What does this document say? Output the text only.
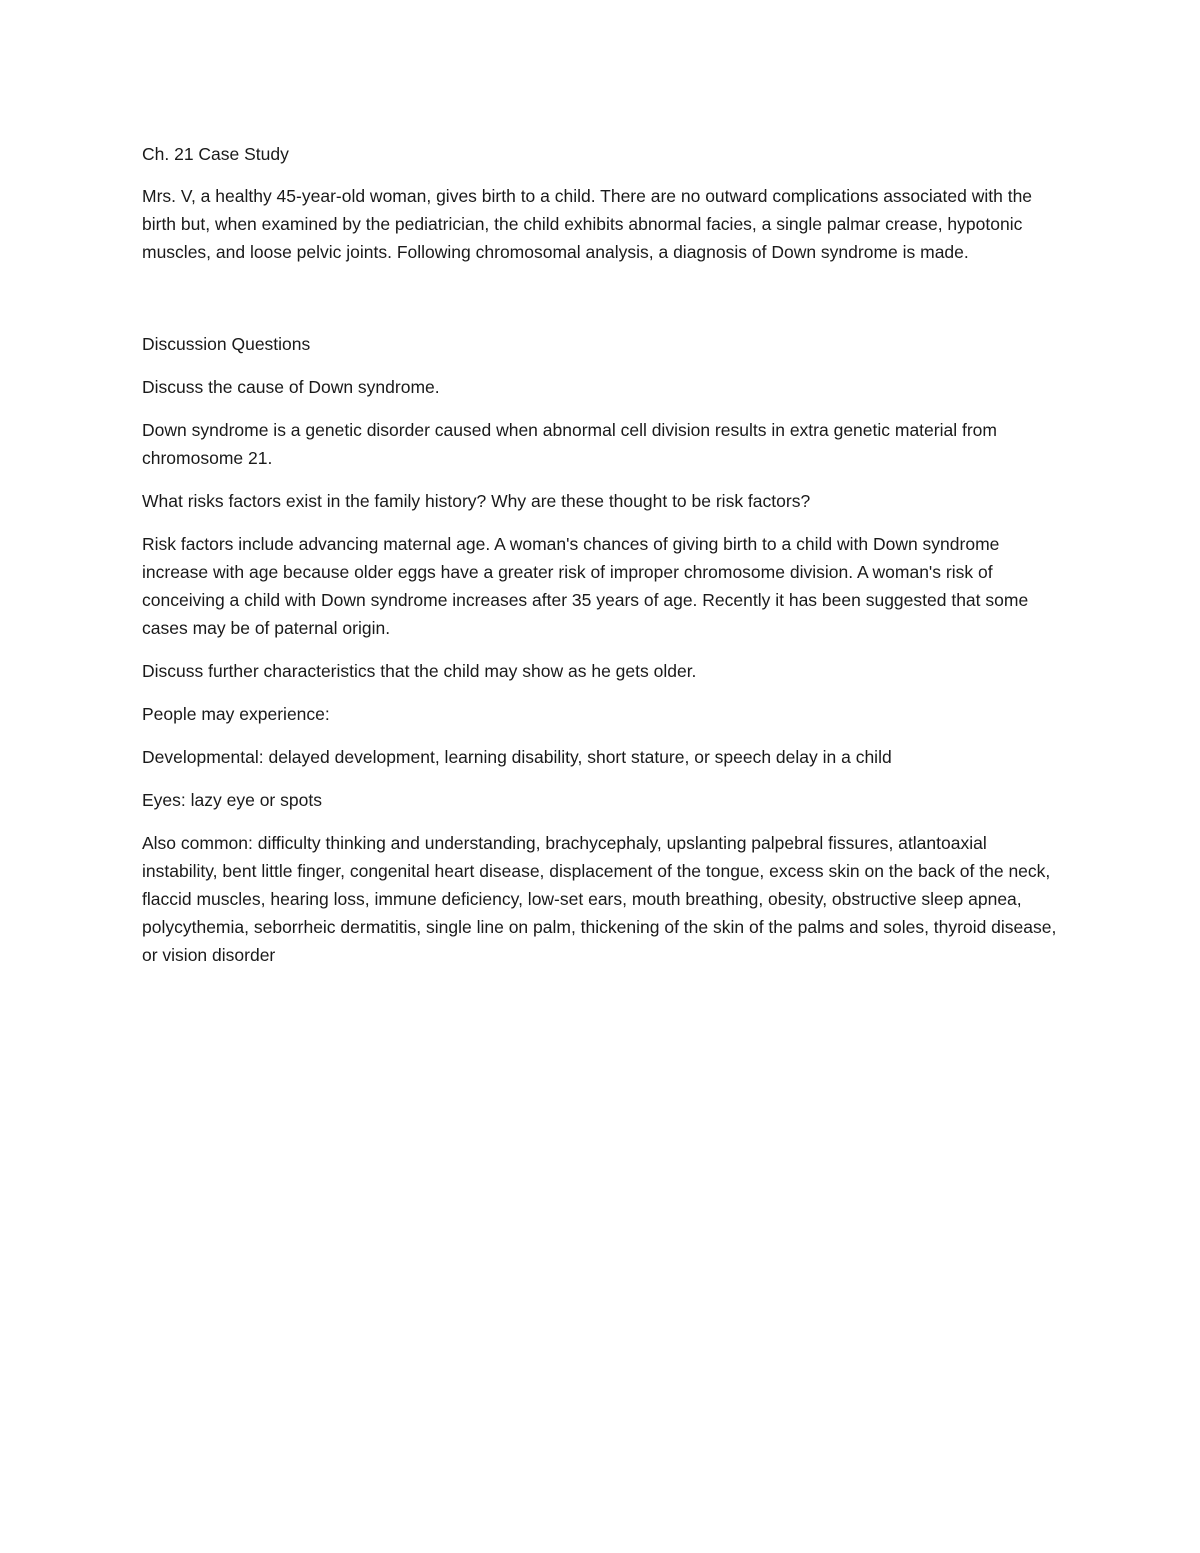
Ch. 21 Case Study

Mrs. V, a healthy 45-year-old woman, gives birth to a child. There are no outward complications associated with the birth but, when examined by the pediatrician, the child exhibits abnormal facies, a single palmar crease, hypotonic muscles, and loose pelvic joints. Following chromosomal analysis, a diagnosis of Down syndrome is made.

Discussion Questions

Discuss the cause of Down syndrome.

Down syndrome is a genetic disorder caused when abnormal cell division results in extra genetic material from chromosome 21.

What risks factors exist in the family history? Why are these thought to be risk factors?

Risk factors include advancing maternal age. A woman's chances of giving birth to a child with Down syndrome increase with age because older eggs have a greater risk of improper chromosome division. A woman's risk of conceiving a child with Down syndrome increases after 35 years of age. Recently it has been suggested that some cases may be of paternal origin.

Discuss further characteristics that the child may show as he gets older.

People may experience:

Developmental: delayed development, learning disability, short stature, or speech delay in a child

Eyes: lazy eye or spots

Also common: difficulty thinking and understanding, brachycephaly, upslanting palpebral fissures, atlantoaxial instability, bent little finger, congenital heart disease, displacement of the tongue, excess skin on the back of the neck, flaccid muscles, hearing loss, immune deficiency, low-set ears, mouth breathing, obesity, obstructive sleep apnea, polycythemia, seborrheic dermatitis, single line on palm, thickening of the skin of the palms and soles, thyroid disease, or vision disorder
